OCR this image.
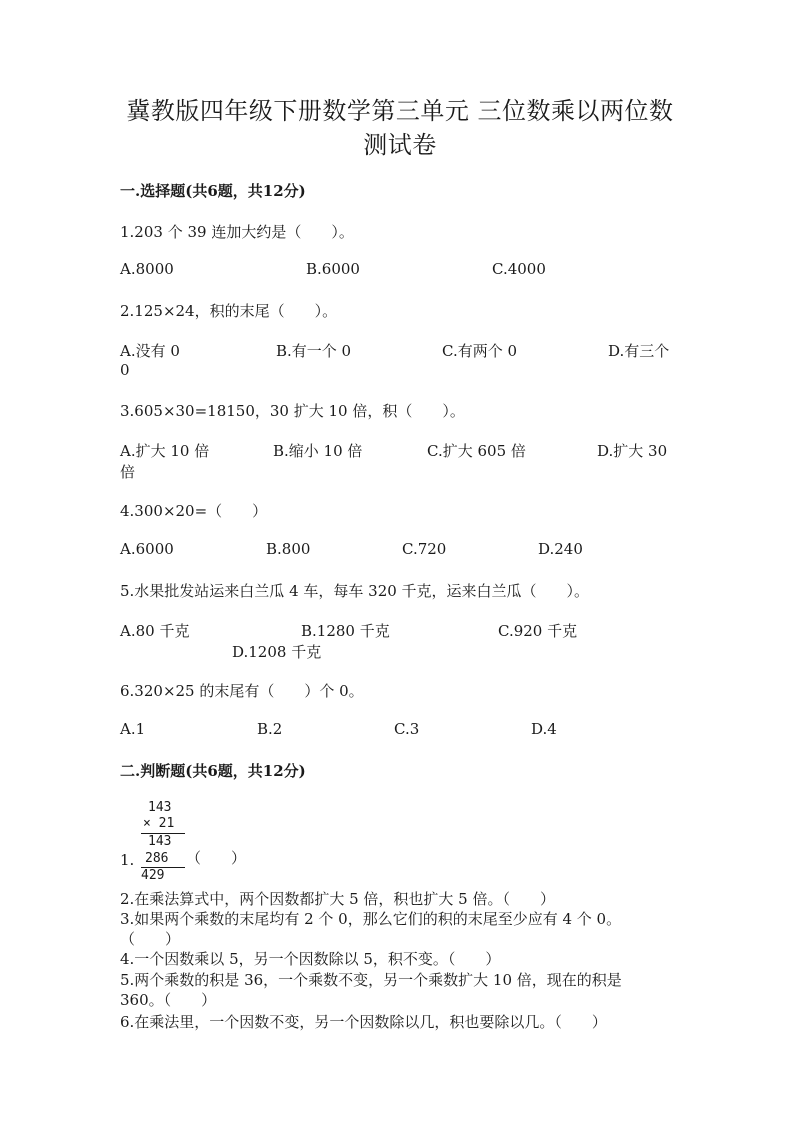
冀教版四年级下册数学第三单元 三位数乘以两位数
测试卷
一.选择题(共6题，共12分)
1.203 个 39 连加大约是（　　）。
A.8000	B.6000	C.4000
2.125×24，积的末尾（　　）。
A.没有 0	B.有一个 0	C.有两个 0	D.有三个
0
3.605×30=18150，30 扩大 10 倍，积（　　）。
A.扩大 10 倍	B.缩小 10 倍	C.扩大 605 倍	D.扩大 30
倍
4.300×20=（　　）
A.6000	B.800	C.720	D.240
5.水果批发站运来白兰瓜 4 车，每车 320 千克，运来白兰瓜（　　）。
A.80 千克	B.1280 千克	C.920 千克
D.1208 千克
6.320×25 的末尾有（　　）个 0。
A.1	B.2	C.3	D.4
二.判断题(共6题，共12分)
143
× 21
143
286
429
1.	（　　）
2.在乘法算式中，两个因数都扩大 5 倍，积也扩大 5 倍。（　　）
3.如果两个乘数的末尾均有 2 个 0，那么它们的积的末尾至少应有 4 个 0。
（　　）
4.一个因数乘以 5，另一个因数除以 5，积不变。（　　）
5.两个乘数的积是 36，一个乘数不变，另一个乘数扩大 10 倍，现在的积是
360。（　　）
6.在乘法里，一个因数不变，另一个因数除以几，积也要除以几。（　　）
